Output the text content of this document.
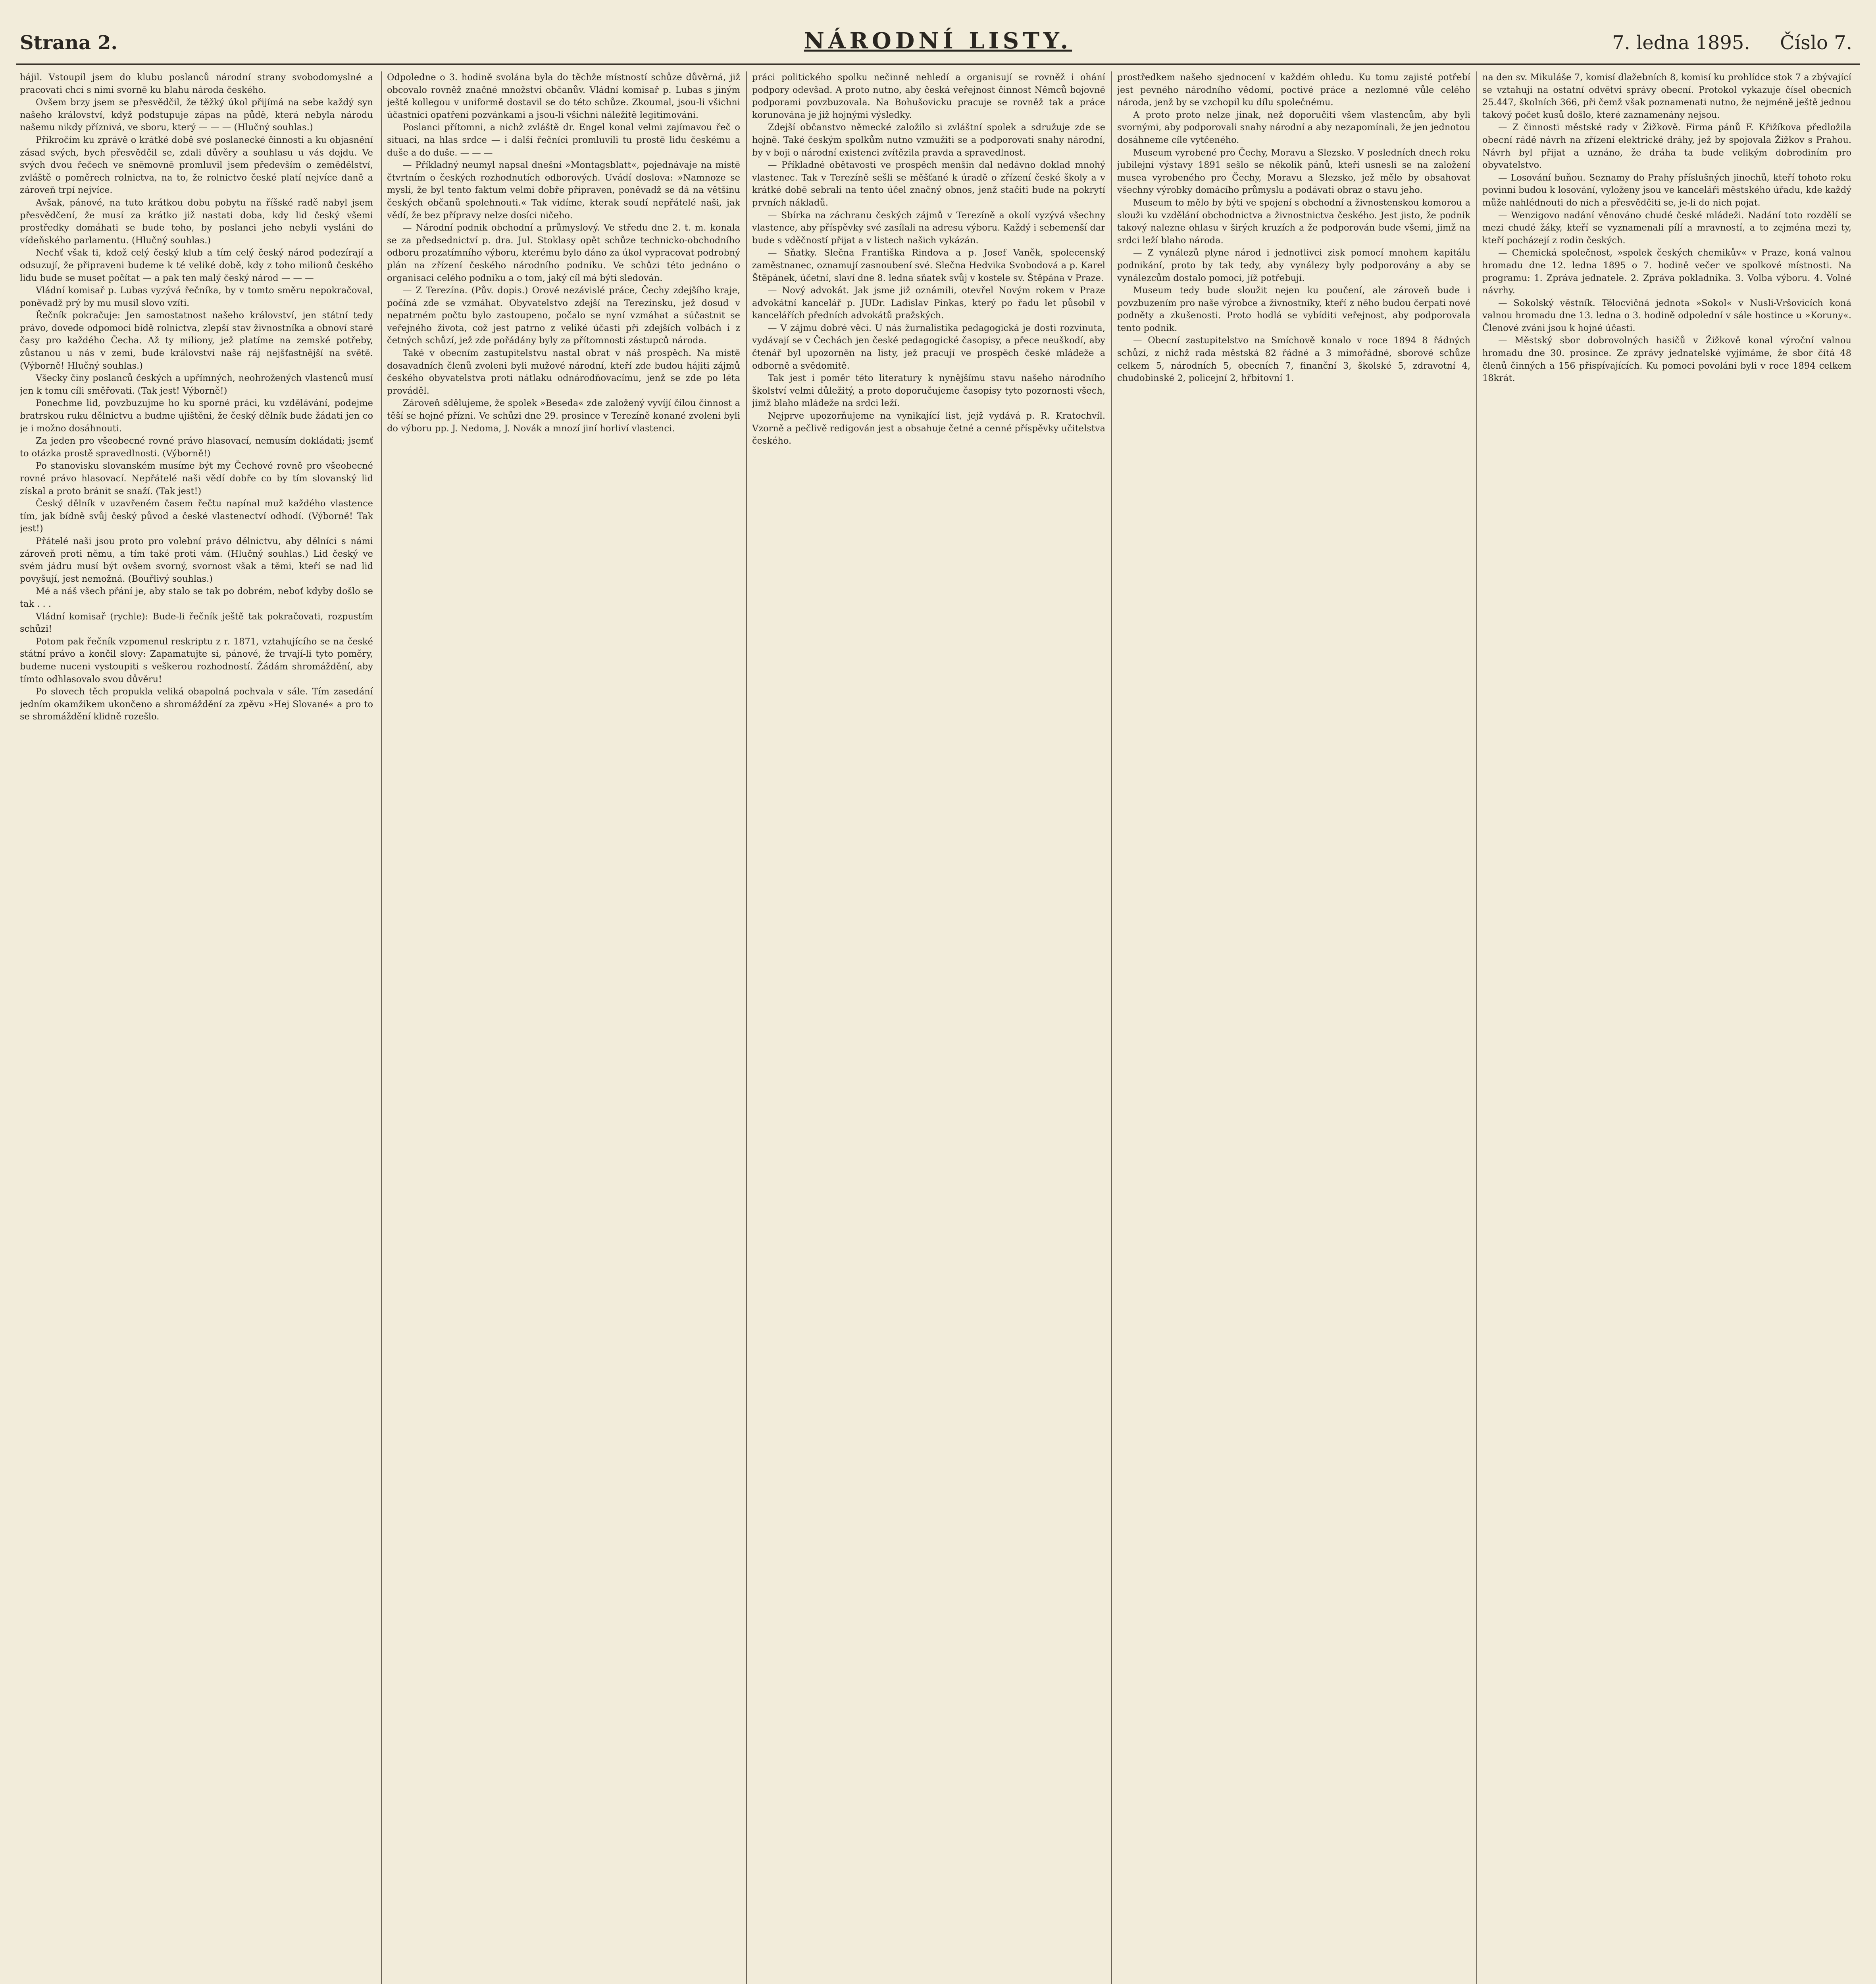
Strana 2.	NÁRODNÍ LISTY.	7. ledna 1895. Číslo 7.

hájil. Vstoupil jsem do klubu poslanců národní strany svobodomyslné a pracovati chci s nimi svorně ku blahu národa českého.

Ovšem brzy jsem se přesvědčil, že těžký úkol přijímá na sebe každý syn našeho království, když podstupuje zápas na půdě, která nebyla národu našemu nikdy příznivá, ve sboru, který — — — (Hlučný souhlas.)

Přikročím ku zprávě o krátké době své poslanecké činnosti a ku objasnění zásad svých, bych přesvědčil se, zdali důvěry a souhlasu u vás dojdu. Ve svých dvou řečech ve sněmovně promluvil jsem především o zemědělství, zvláště o poměrech rolnictva, na to, že rolnictvo české platí nejvíce daně a zároveň trpí nejvíce.

Avšak, pánové, na tuto krátkou dobu pobytu na říšské radě nabyl jsem přesvědčení, že musí za krátko již nastati doba, kdy lid český všemi prostředky domáhati se bude toho, by poslanci jeho nebyli vysláni do vídeňského parlamentu. (Hlučný souhlas.)

Nechť však ti, kdož celý český klub a tím celý český národ podezírají a odsuzují, že připraveni budeme k té veliké době, kdy z toho milionů českého lidu bude se muset počítat — a pak ten malý český národ — — —

Vládní komisař p. Lubas vyzývá řečníka, by v tomto směru nepokračoval, poněvadž prý by mu musil slovo vzíti.

Řečník pokračuje: Jen samostatnost našeho království, jen státní tedy právo, dovede odpomoci bídě rolnictva, zlepší stav živnostníka a obnoví staré časy pro každého Čecha. Až ty miliony, jež platíme na zemské potřeby, zůstanou u nás v zemi, bude království naše ráj nejšťastnější na světě. (Výborně! Hlučný souhlas.)

Všecky činy poslanců českých a upřímných, neohrožených vlastenců musí jen k tomu cíli směřovati. (Tak jest! Výborně!)

Ponechme lid, povzbuzujme ho ku sporné práci, ku vzdělávání, podejme bratrskou ruku dělnictvu a budme ujištěni, že český dělník bude žádati jen co je i možno dosáhnouti.

Za jeden pro všeobecné rovné právo hlasovací, nemusím dokládati; jsemť to otázka prostě spravedlnosti. (Výborně!)

Po stanovisku slovanském musíme být my Čechové rovně pro všeobecné rovné právo hlasovací. Nepřátelé naši vědí dobře co by tím slovanský lid získal a proto bránit se snaží. (Tak jest!)

Český dělník v uzavřeném časem řečtu napínal muž každého vlastence tím, jak bídně svůj český původ a české vlastenectví odhodí. (Výborně! Tak jest!)

Přátelé naši jsou proto pro volební právo dělnictvu, aby dělníci s námi zároveň proti němu, a tím také proti vám. (Hlučný souhlas.) Lid český ve svém jádru musí být ovšem svorný, svornost však a těmi, kteří se nad lid povyšují, jest nemožná. (Bouřlivý souhlas.)

Mé a náš všech přání je, aby stalo se tak po dobrém, neboť kdyby došlo se tak . . .

Vládní komisař (rychle): Bude-li řečník ještě tak pokračovati, rozpustím schůzi!

Potom pak řečník vzpomenul reskriptu z r. 1871, vztahujícího se na české státní právo a končil slovy: Zapamatujte si, pánové, že trvají-li tyto poměry, budeme nuceni vystoupiti s veškerou rozhodností. Žádám shromáždění, aby tímto odhlasovalo svou důvěru!

Po slovech těch propukla veliká obapolná pochvala v sále. Tím zasedání jedním okamžikem ukončeno a shromáždění za zpěvu »Hej Slované« a pro to se shromáždění klidně rozešlo.

Odpoledne o 3. hodině svolána byla do těchže místností schůze důvěrná, již obcovalo rovněž značné množství občanův. Vládní komisař p. Lubas s jiným ještě kollegou v uniformě dostavil se do této schůze. Zkoumal, jsou-li všichni účastníci opatřeni pozvánkami a jsou-li všichni náležitě legitimováni.

Poslanci přítomni, a nichž zvláště dr. Engel konal velmi zajímavou řeč o situaci, na hlas srdce — i další řečníci promluvili tu prostě lidu českému a duše a do duše. — — —

— Příkladný neumyl napsal dnešní »Montagsblatt«, pojednávaje na místě čtvrtním o českých rozhodnutích odborových. Uvádí doslova: »Namnoze se myslí, že byl tento faktum velmi dobře připraven, poněvadž se dá na většinu českých občanů spolehnouti.« Tak vidíme, kterak soudí nepřátelé naši, jak vědí, že bez přípravy nelze dosíci ničeho.

— Národní podnik obchodní a průmyslový. Ve středu dne 2. t. m. konala se za předsednictví p. dra. Jul. Stoklasy opět schůze technicko-obchodního odboru prozatímního výboru, kterému bylo dáno za úkol vypracovat podrobný plán na zřízení českého národního podniku. Ve schůzi této jednáno o organisaci celého podniku a o tom, jaký cíl má býti sledován.

— Z Terezína. (Pův. dopis.) Orové nezávislé práce, Čechy zdejšího kraje, počíná zde se vzmáhat. Obyvatelstvo zdejší na Terezínsku, jež dosud v nepatrném počtu bylo zastoupeno, počalo se nyní vzmáhat a súčastnit se veřejného života, což jest patrno z veliké účasti při zdejších volbách i z četných schůzí, jež zde pořádány byly za přítomnosti zástupců národa.

Také v obecním zastupitelstvu nastal obrat v náš prospěch. Na místě dosavadních členů zvoleni byli mužové národní, kteří zde budou hájiti zájmů českého obyvatelstva proti nátlaku odnárodňovacímu, jenž se zde po léta prováděl.

Zároveň sdělujeme, že spolek »Beseda« zde založený vyvíjí čilou činnost a těší se hojné přízni. Ve schůzi dne 29. prosince v Terezíně konané zvoleni byli do výboru pp. J. Nedoma, J. Novák a mnozí jiní horliví vlastenci.

práci politického spolku nečinně nehledí a organisují se rovněž i ohání podpory odevšad. A proto nutno, aby česká veřejnost činnost Němců bojovně podporami povzbuzovala. Na Bohušovicku pracuje se rovněž tak a práce korunována je již hojnými výsledky.

Zdejší občanstvo německé založilo si zvláštní spolek a sdružuje zde se hojně. Také českým spolkům nutno vzmužiti se a podporovati snahy národní, by v boji o národní existenci zvítězila pravda a spravedlnost.

— Příkladné obětavosti ve prospěch menšin dal nedávno doklad mnohý vlastenec. Tak v Terezíně sešli se měšťané k úradě o zřízení české školy a v krátké době sebrali na tento účel značný obnos, jenž stačiti bude na pokrytí prvních nákladů.

— Sbírka na záchranu českých zájmů v Terezíně a okolí vyzývá všechny vlastence, aby příspěvky své zasílali na adresu výboru. Každý i sebemenší dar bude s vděčností přijat a v listech našich vykázán.

— Sňatky. Slečna Františka Rindova a p. Josef Vaněk, spolecenský zaměstnanec, oznamují zasnoubení své. Slečna Hedvika Svobodová a p. Karel Štěpánek, účetní, slaví dne 8. ledna sňatek svůj v kostele sv. Štěpána v Praze.

— Nový advokát. Jak jsme již oznámili, otevřel Novým rokem v Praze advokátní kancelář p. JUDr. Ladislav Pinkas, který po řadu let působil v kancelářích předních advokátů pražských.

— V zájmu dobré věci. U nás žurnalistika pedagogická je dosti rozvinuta, vydávají se v Čechách jen české pedagogické časopisy, a přece neuškodí, aby čtenář byl upozorněn na listy, jež pracují ve prospěch české mládeže a odborně a svědomitě.

Tak jest i poměr této literatury k nynějšímu stavu našeho národního školství velmi důležitý, a proto doporučujeme časopisy tyto pozornosti všech, jimž blaho mládeže na srdci leží.

Nejprve upozorňujeme na vynikající list, jejž vydává p. R. Kratochvíl. Vzorně a pečlivě redigován jest a obsahuje četné a cenné příspěvky učitelstva českého.

prostředkem našeho sjednocení v každém ohledu. Ku tomu zajisté potřebí jest pevného národního vědomí, poctivé práce a nezlomné vůle celého národa, jenž by se vzchopil ku dílu společnému.

A proto proto nelze jinak, než doporučiti všem vlastencům, aby byli svornými, aby podporovali snahy národní a aby nezapomínali, že jen jednotou dosáhneme cíle vytčeného.

Museum vyrobené pro Čechy, Moravu a Slezsko. V posledních dnech roku jubilejní výstavy 1891 sešlo se několik pánů, kteří usnesli se na založení musea vyrobeného pro Čechy, Moravu a Slezsko, jež mělo by obsahovat všechny výrobky domácího průmyslu a podávati obraz o stavu jeho.

Museum to mělo by býti ve spojení s obchodní a živnostenskou komorou a slouži ku vzdělání obchodnictva a živnostnictva českého. Jest jisto, že podnik takový nalezne ohlasu v širých kruzích a že podporován bude všemi, jimž na srdci leží blaho národa.

— Z vynálezů plyne národ i jednotlivci zisk pomocí mnohem kapitálu podnikání, proto by tak tedy, aby vynálezy byly podporovány a aby se vynálezcům dostalo pomoci, jíž potřebují.

Museum tedy bude sloužit nejen ku poučení, ale zároveň bude i povzbuzením pro naše výrobce a živnostníky, kteří z něho budou čerpati nové podněty a zkušenosti. Proto hodlá se vybíditi veřejnost, aby podporovala tento podnik.

— Obecní zastupitelstvo na Smíchově konalo v roce 1894 8 řádných schůzí, z nichž rada městská 82 řádné a 3 mimořádné, sborové schůze celkem 5, národních 5, obecních 7, finanční 3, školské 5, zdravotní 4, chudobinské 2, policejní 2, hřbitovní 1.

na den sv. Mikuláše 7, komisí dlažebních 8, komisí ku prohlídce stok 7 a zbývající se vztahuji na ostatní odvětví správy obecní. Protokol vykazuje čísel obecních 25.447, školních 366, při čemž však poznamenati nutno, že nejméně ještě jednou takový počet kusů došlo, které zaznamenány nejsou.

— Z činnosti městské rady v Žižkově. Firma pánů F. Křižíkova předložila obecní rádě návrh na zřízení elektrické dráhy, jež by spojovala Žižkov s Prahou. Návrh byl přijat a uznáno, že dráha ta bude velikým dobrodiním pro obyvatelstvo.

— Losování buňou. Seznamy do Prahy příslušných jinochů, kteří tohoto roku povinni budou k losování, vyloženy jsou ve kanceláři městského úřadu, kde každý může nahlédnouti do nich a přesvědčiti se, je-li do nich pojat.

— Wenzigovo nadání věnováno chudé české mládeži. Nadání toto rozdělí se mezi chudé žáky, kteří se vyznamenali pílí a mravností, a to zejména mezi ty, kteří pocházejí z rodin českých.

— Chemická společnost, »spolek českých chemikův« v Praze, koná valnou hromadu dne 12. ledna 1895 o 7. hodině večer ve spolkové místnosti. Na programu: 1. Zpráva jednatele. 2. Zpráva pokladníka. 3. Volba výboru. 4. Volné návrhy.

— Sokolský věstník. Tělocvičná jednota »Sokol« v Nusli-Vršovicích koná valnou hromadu dne 13. ledna o 3. hodině odpolední v sále hostince u »Koruny«. Členové zváni jsou k hojné účasti.

— Městský sbor dobrovolných hasičů v Žižkově konal výroční valnou hromadu dne 30. prosince. Ze zprávy jednatelské vyjímáme, že sbor čítá 48 členů činných a 156 přispívajících. Ku pomoci povoláni byli v roce 1894 celkem 18krát.
